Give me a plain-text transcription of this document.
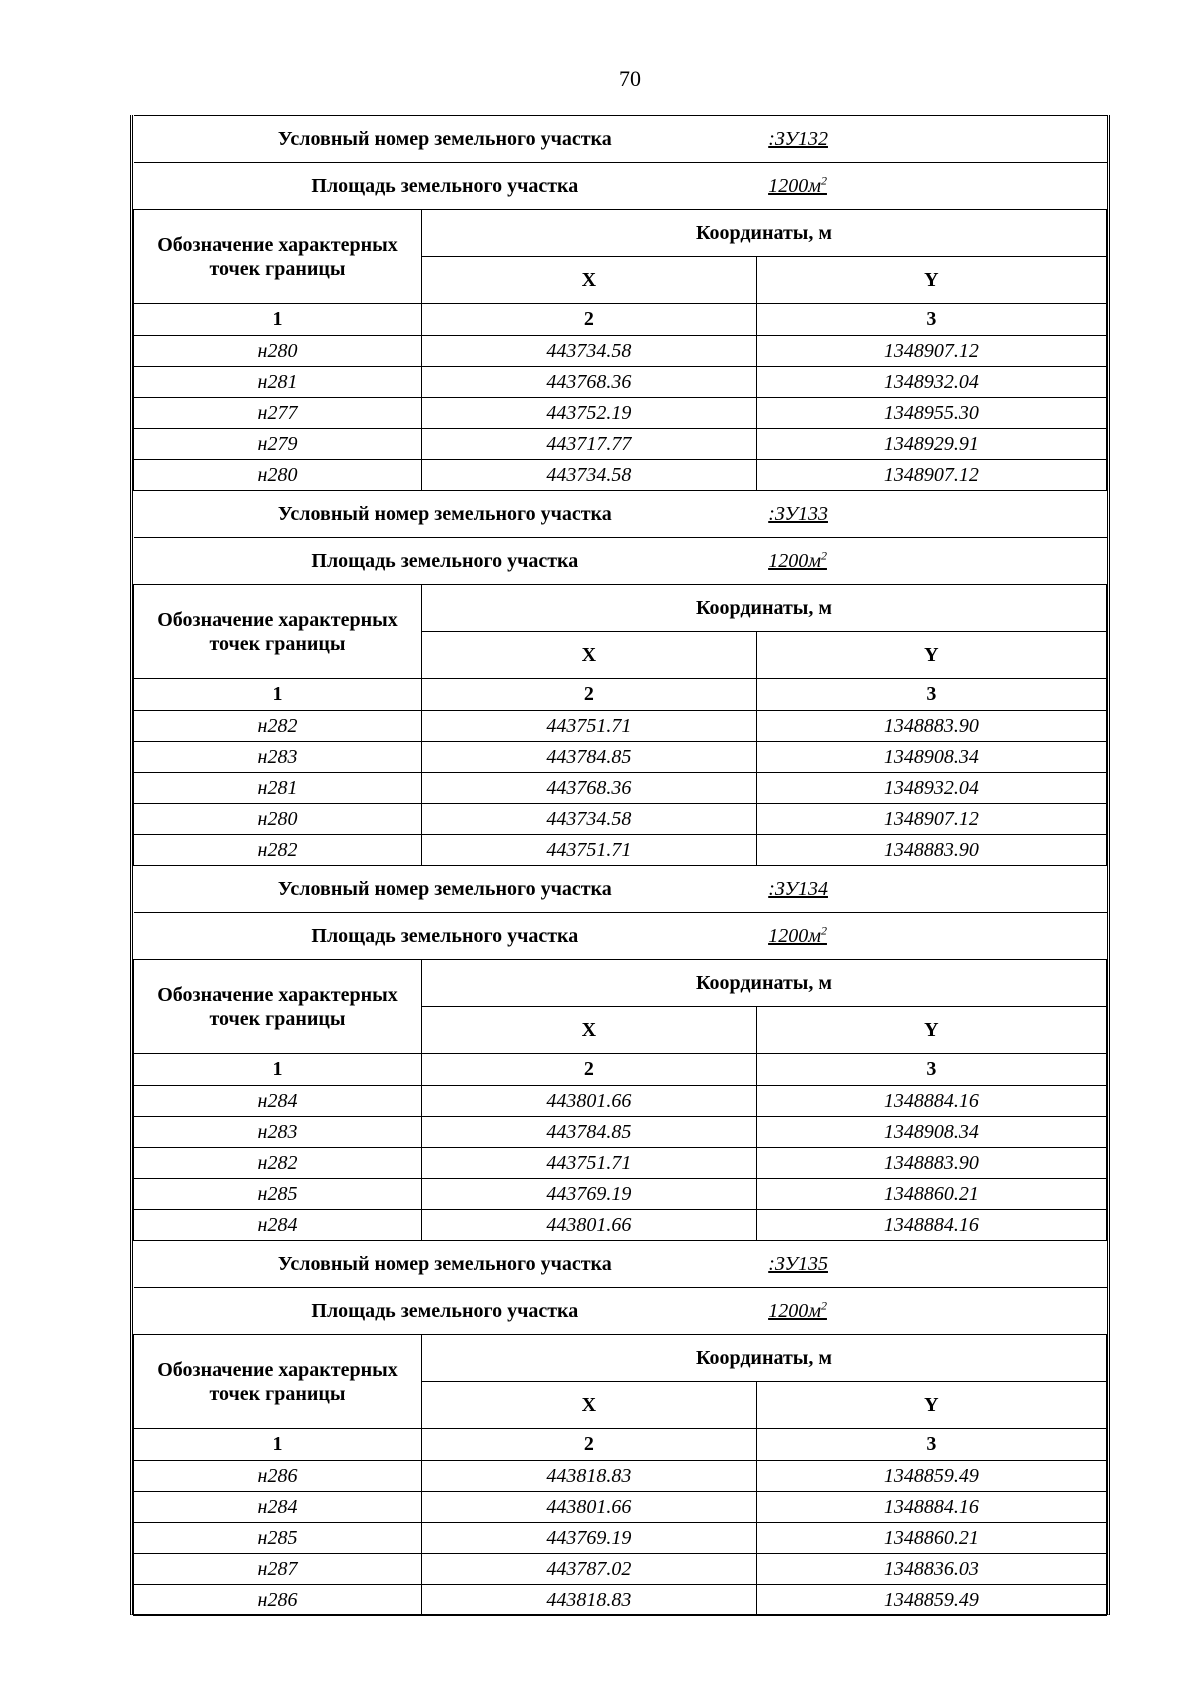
70
Условный номер земельного участка		:ЗУ132
Площадь земельного участка		$1200м^2$
Обозначение характерных точек границы	Координаты, м	
	X	Y
1	2	3
н280	443734.58	1348907.12
н281	443768.36	1348932.04
н277	443752.19	1348955.30
н279	443717.77	1348929.91
н280	443734.58	1348907.12
Условный номер земельного участка		:ЗУ133
Площадь земельного участка		$1200м^2$
Обозначение характерных точек границы	Координаты, м	
	X	Y
1	2	3
н282	443751.71	1348883.90
н283	443784.85	1348908.34
н281	443768.36	1348932.04
н280	443734.58	1348907.12
н282	443751.71	1348883.90
Условный номер земельного участка		:ЗУ134
Площадь земельного участка		$1200м^2$
Обозначение характерных точек границы	Координаты, м	
	X	Y
1	2	3
н284	443801.66	1348884.16
н283	443784.85	1348908.34
н282	443751.71	1348883.90
н285	443769.19	1348860.21
н284	443801.66	1348884.16
Условный номер земельного участка		:ЗУ135
Площадь земельного участка		$1200м^2$
Обозначение характерных точек границы	Координаты, м	
	X	Y
1	2	3
н286	443818.83	1348859.49
н284	443801.66	1348884.16
н285	443769.19	1348860.21
н287	443787.02	1348836.03
н286	443818.83	1348859.49
